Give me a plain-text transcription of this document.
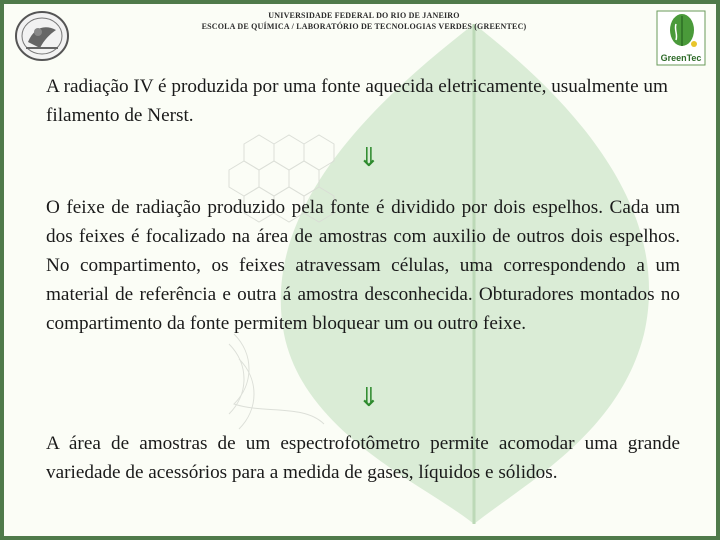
UNIVERSIDADE FEDERAL DO RIO DE JANEIRO
ESCOLA DE QUÍMICA / LABORATÓRIO DE TECNOLOGIAS VERDES (GREENTEC)
GreenTec
A radiação IV é produzida por uma fonte aquecida eletricamente, usualmente um filamento de Nerst.
⇓
O feixe de radiação produzido pela fonte é dividido por dois espelhos. Cada um dos feixes é focalizado na área de amostras com auxilio de outros dois espelhos. No compartimento, os feixes atravessam células, uma correspondendo a um material de referência e outra á amostra desconhecida. Obturadores montados no compartimento da fonte permitem bloquear um ou outro feixe.
⇓
A área de amostras de um espectrofotômetro permite acomodar uma grande variedade de acessórios para a medida de gases, líquidos e sólidos.
